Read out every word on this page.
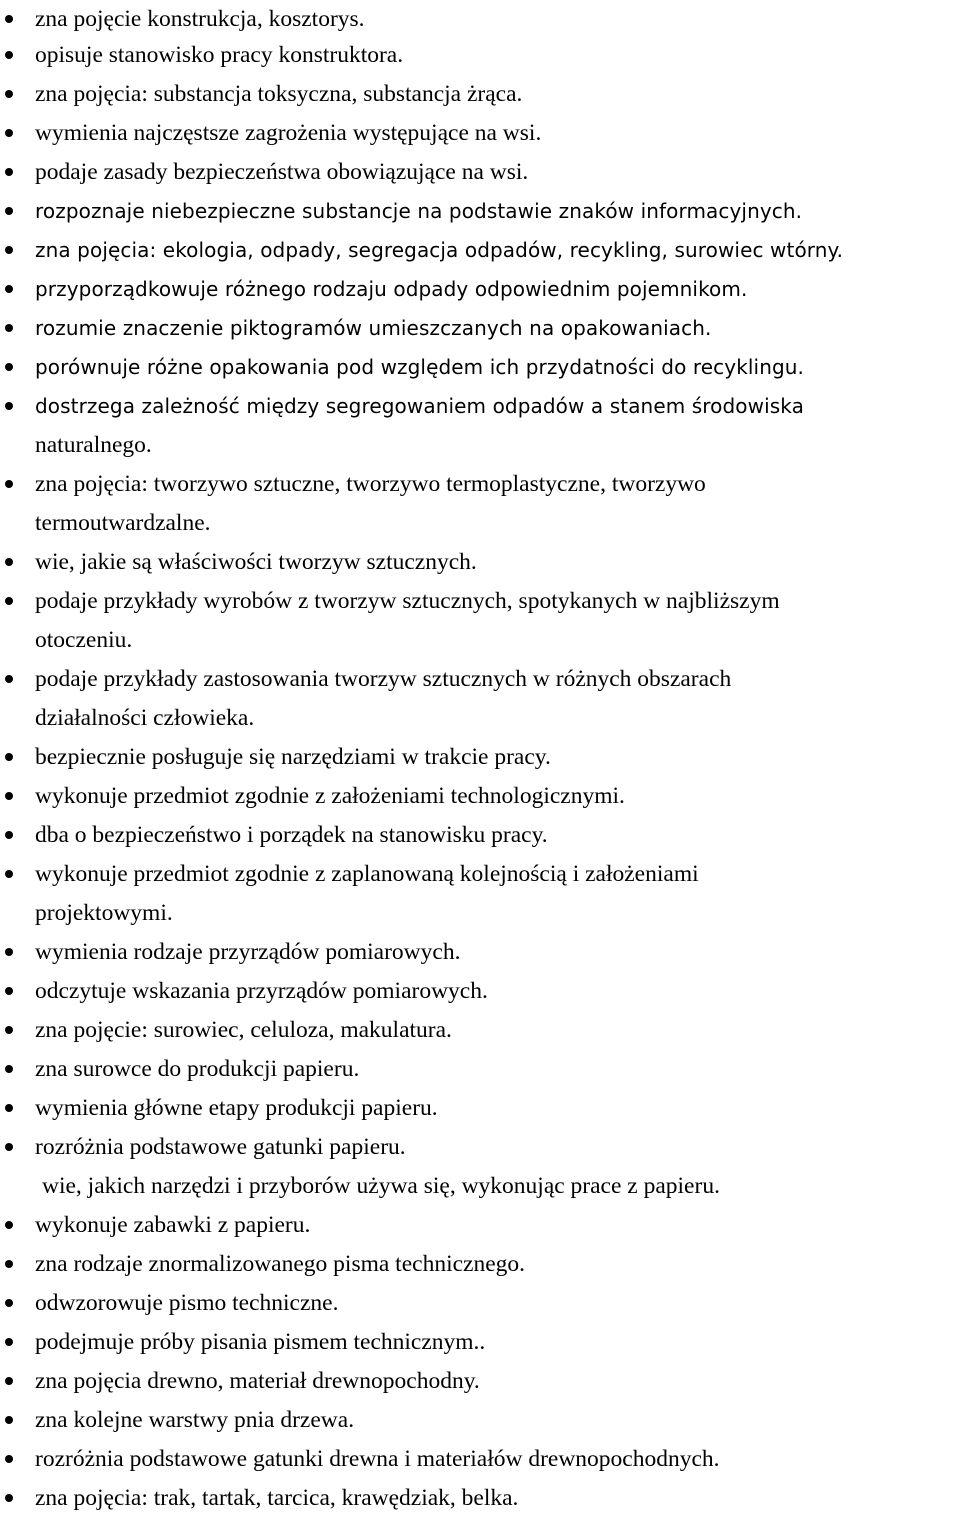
zna pojęcie konstrukcja, kosztorys.
opisuje stanowisko pracy konstruktora.
zna pojęcia: substancja toksyczna, substancja żrąca.
wymienia najczęstsze zagrożenia występujące na wsi.
podaje zasady bezpieczeństwa obowiązujące na wsi.
rozpoznaje niebezpieczne substancje na podstawie znaków informacyjnych.
zna pojęcia: ekologia, odpady, segregacja odpadów, recykling, surowiec wtórny.
przyporządkowuje różnego rodzaju odpady odpowiednim pojemnikom.
rozumie znaczenie piktogramów umieszczanych na opakowaniach.
porównuje różne opakowania pod względem ich przydatności do recyklingu.
dostrzega zależność między segregowaniem odpadów a stanem środowiska
naturalnego.
zna pojęcia: tworzywo sztuczne, tworzywo termoplastyczne, tworzywo
termoutwardzalne.
wie, jakie są właściwości tworzyw sztucznych.
podaje przykłady wyrobów z tworzyw sztucznych, spotykanych w najbliższym
otoczeniu.
podaje przykłady zastosowania tworzyw sztucznych w różnych obszarach
działalności człowieka.
bezpiecznie posługuje się narzędziami w trakcie pracy.
wykonuje przedmiot zgodnie z założeniami technologicznymi.
dba o bezpieczeństwo i porządek na stanowisku pracy.
wykonuje przedmiot zgodnie z zaplanowaną kolejnością i założeniami
projektowymi.
wymienia rodzaje przyrządów pomiarowych.
odczytuje wskazania przyrządów pomiarowych.
zna pojęcie: surowiec, celuloza, makulatura.
zna surowce do produkcji papieru.
wymienia główne etapy produkcji papieru.
rozróżnia podstawowe gatunki papieru.
wie, jakich narzędzi i przyborów używa się, wykonując prace z papieru.
wykonuje zabawki z papieru.
zna rodzaje znormalizowanego pisma technicznego.
odwzorowuje pismo techniczne.
podejmuje próby pisania pismem technicznym..
zna pojęcia drewno, materiał drewnopochodny.
zna kolejne warstwy pnia drzewa.
rozróżnia podstawowe gatunki drewna i materiałów drewnopochodnych.
zna pojęcia: trak, tartak, tarcica, krawędziak, belka.
